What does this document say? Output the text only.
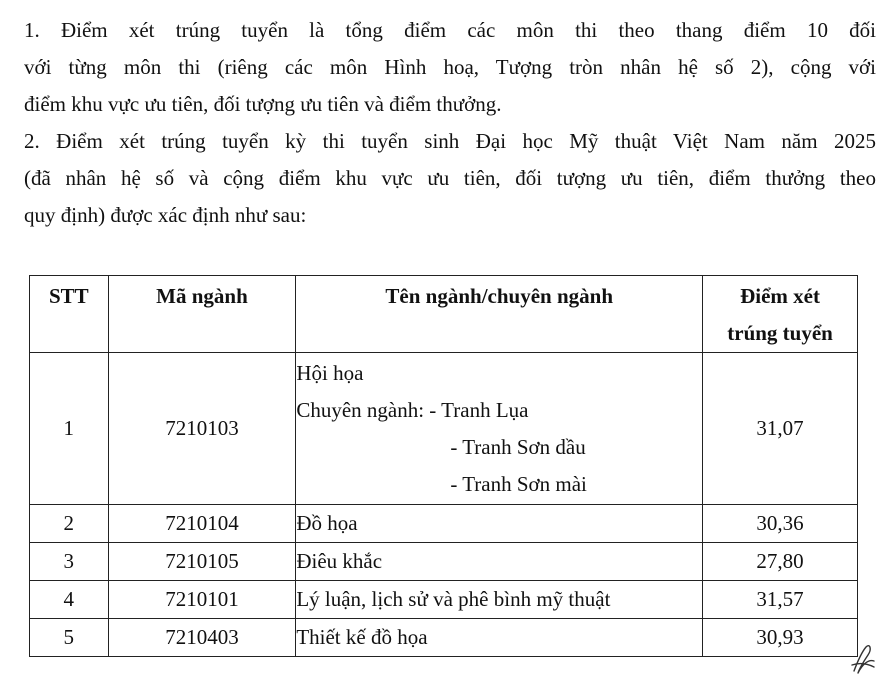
1. Điểm xét trúng tuyển là tổng điểm các môn thi theo thang điểm 10 đối
với từng môn thi (riêng các môn Hình hoạ, Tượng tròn nhân hệ số 2), cộng với
điểm khu vực ưu tiên, đối tượng ưu tiên và điểm thưởng.
2. Điểm xét trúng tuyển kỳ thi tuyển sinh Đại học Mỹ thuật Việt Nam năm 2025
(đã nhân hệ số và cộng điểm khu vực ưu tiên, đối tượng ưu tiên, điểm thưởng theo
quy định) được xác định như sau:
STT	Mã ngành	Tên ngành/chuyên ngành	Điểm xét
trúng tuyển

1	7210103	Hội họa
Chuyên ngành: - Tranh Lụa
- Tranh Sơn dầu
- Tranh Sơn mài	31,07
2	7210104	Đồ họa	30,36
3	7210105	Điêu khắc	27,80
4	7210101	Lý luận, lịch sử và phê bình mỹ thuật	31,57
5	7210403	Thiết kế đồ họa	30,93
